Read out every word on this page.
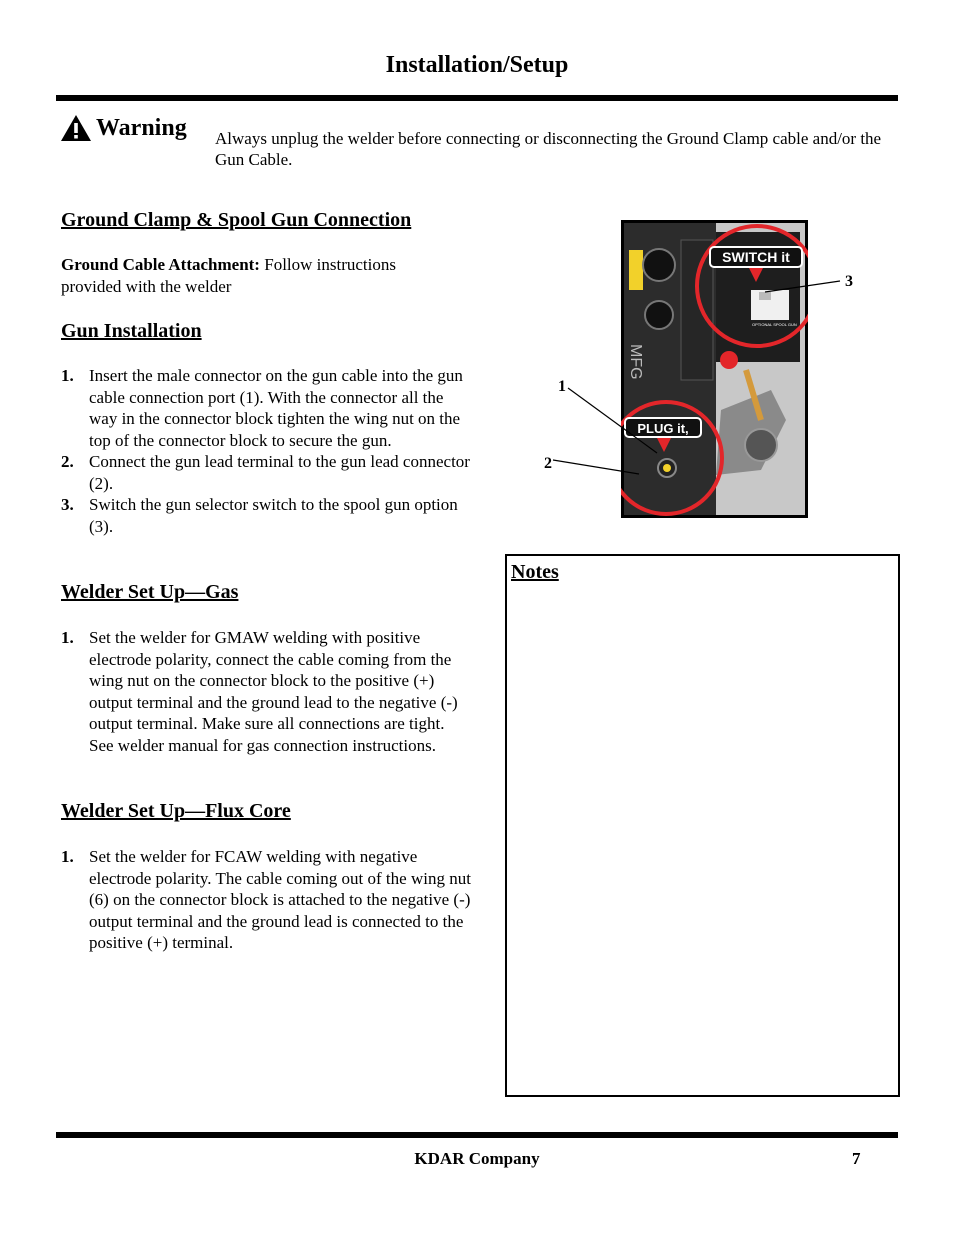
Installation/Setup
Warning Always unplug the welder before connecting or disconnecting the Ground Clamp cable and/or the Gun Cable.
Ground Clamp & Spool Gun Connection
Ground Cable Attachment: Follow instructions provided with the welder
Gun Installation
1. Insert the male connector on the gun cable into the gun cable connection port (1). With the connector all the way in the connector block tighten the wing nut on the top of the connector block to secure the gun.
2. Connect the gun lead terminal to the gun lead connector (2).
3. Switch the gun selector switch to the spool gun option (3).
Welder Set Up—Gas
1. Set the welder for GMAW welding with positive electrode polarity, connect the cable coming from the wing nut on the connector block to the positive (+) output terminal and the ground lead to the negative (-) output terminal. Make sure all connections are tight. See welder manual for gas connection instructions.
Welder Set Up—Flux Core
1. Set the welder for FCAW welding with negative electrode polarity. The cable coming out of the wing nut (6) on the connector block is attached to the negative (-) output terminal and the ground lead is connected to the positive (+) terminal.
MFG
OPTIONAL SPOOL GUN
SWITCH it
PLUG it,
1
2
3
Notes
KDAR Company	7
